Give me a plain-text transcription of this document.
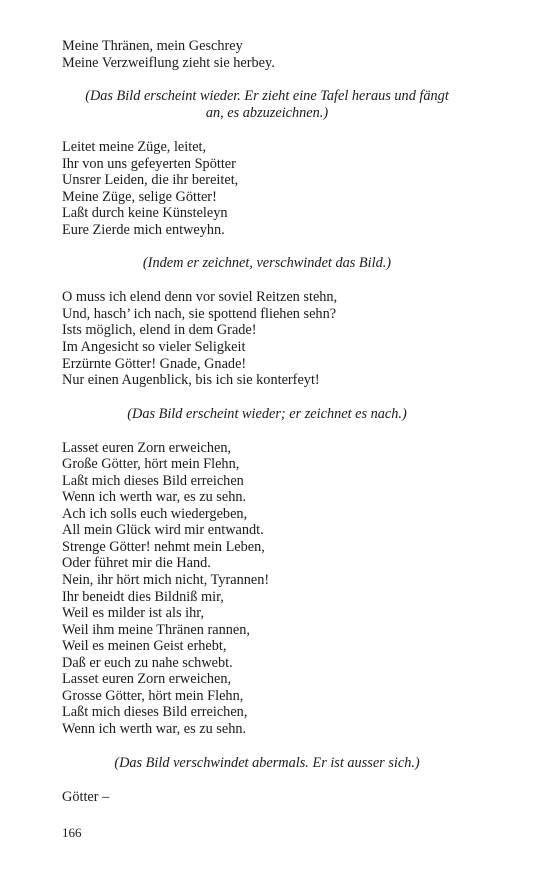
Meine Thränen, mein Geschrey
Meine Verzweiflung zieht sie herbey.
(Das Bild erscheint wieder. Er zieht eine Tafel heraus und fängt
an, es abzuzeichnen.)
Leitet meine Züge, leitet,
Ihr von uns gefeyerten Spötter
Unsrer Leiden, die ihr bereitet,
Meine Züge, selige Götter!
Laßt durch keine Künsteleyn
Eure Zierde mich entweyhn.
(Indem er zeichnet, verschwindet das Bild.)
O muss ich elend denn vor soviel Reitzen stehn,
Und, hasch’ ich nach, sie spottend fliehen sehn?
Ists möglich, elend in dem Grade!
Im Angesicht so vieler Seligkeit
Erzürnte Götter! Gnade, Gnade!
Nur einen Augenblick, bis ich sie konterfeyt!
(Das Bild erscheint wieder; er zeichnet es nach.)
Lasset euren Zorn erweichen,
Große Götter, hört mein Flehn,
Laßt mich dieses Bild erreichen
Wenn ich werth war, es zu sehn.
Ach ich solls euch wiedergeben,
All mein Glück wird mir entwandt.
Strenge Götter! nehmt mein Leben,
Oder führet mir die Hand.
Nein, ihr hört mich nicht, Tyrannen!
Ihr beneidt dies Bildniß mir,
Weil es milder ist als ihr,
Weil ihm meine Thränen rannen,
Weil es meinen Geist erhebt,
Daß er euch zu nahe schwebt.
Lasset euren Zorn erweichen,
Grosse Götter, hört mein Flehn,
Laßt mich dieses Bild erreichen,
Wenn ich werth war, es zu sehn.
(Das Bild verschwindet abermals. Er ist ausser sich.)
Götter –
166
